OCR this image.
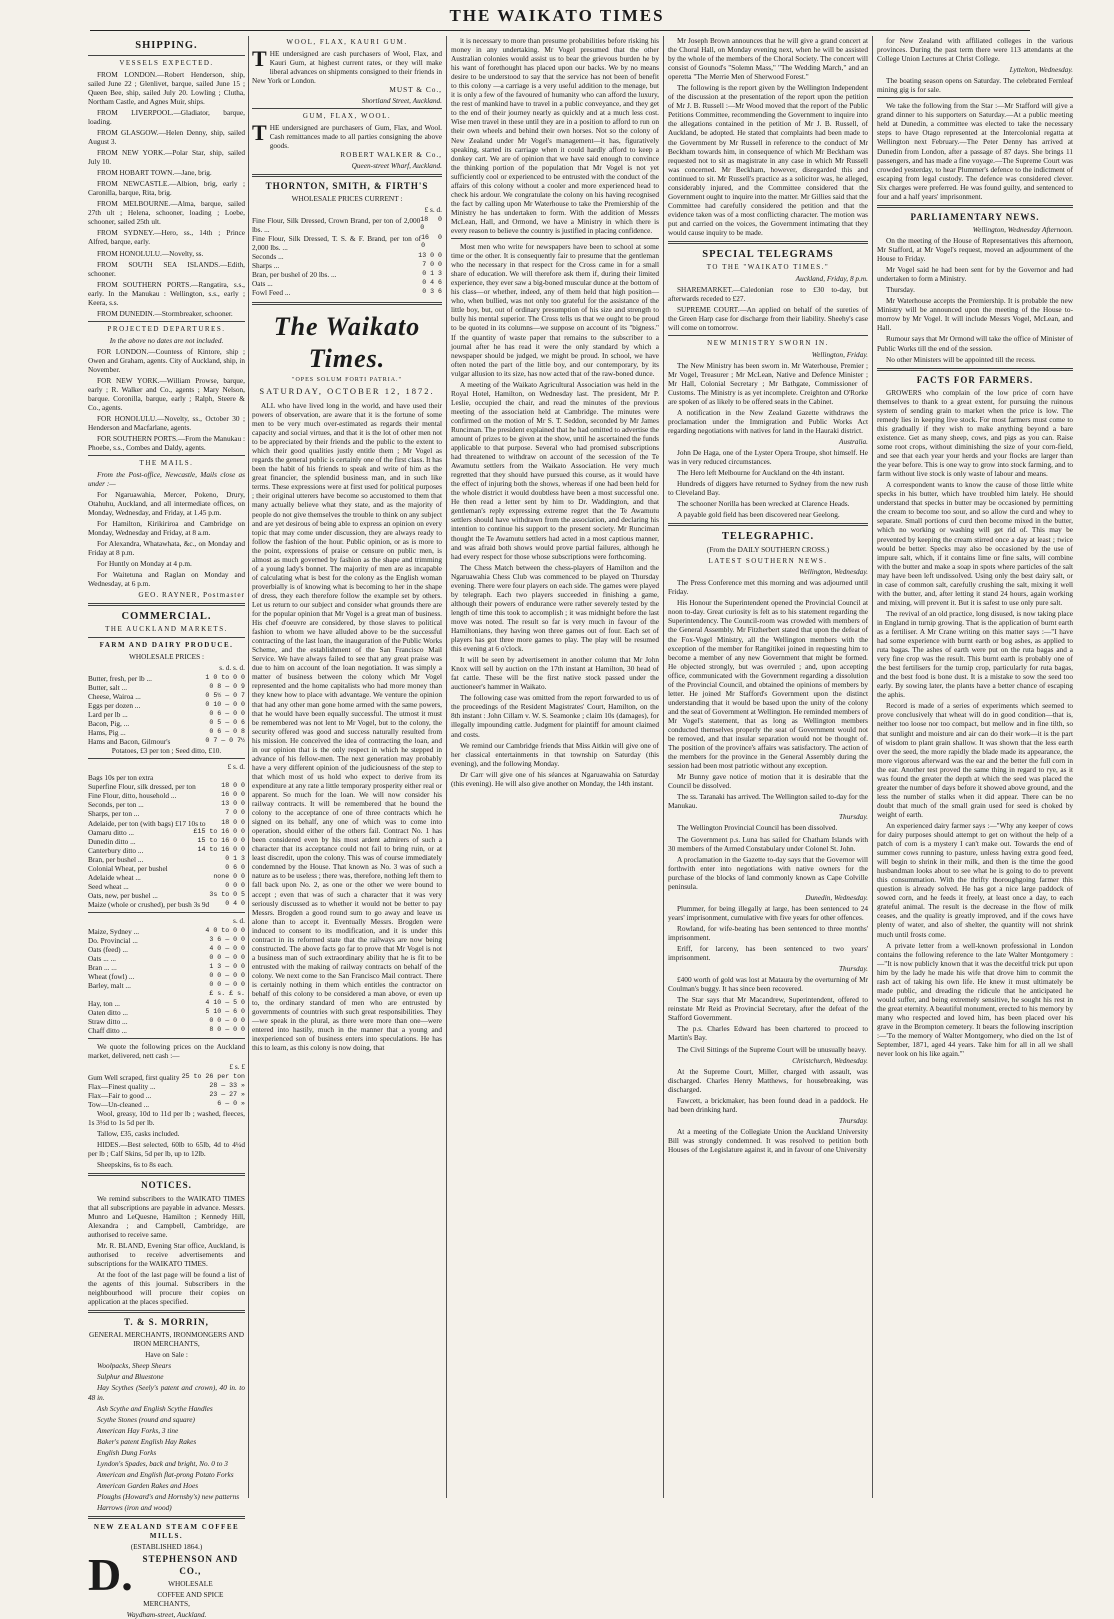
THE WAIKATO TIMES
SHIPPING.
VESSELS EXPECTED.

FROM LONDON.—Robert Henderson, ship, sailed June 22 ; Glenlivet, barque, sailed June 15 ; Queen Bee, ship, sailed July 20. Lowling ; Clutha, Northam Castle, and Agnes Muir, ships.

FROM LIVERPOOL.—Gladiator, barque, loading.

FROM GLASGOW.—Helen Denny, ship, sailed August 3.

FROM NEW YORK.—Polar Star, ship, sailed July 10.

FROM HOBART TOWN.—Jane, brig.

FROM NEWCASTLE.—Albion, brig, early ; Caronilla, barque, Rita, brig.

FROM MELBOURNE.—Alma, barque, sailed 27th ult ; Helena, schooner, loading ; Loebe, schooner, sailed 25th ult.

FROM SYDNEY.—Hero, ss., 14th ; Prince Alfred, barque, early.

FROM HONOLULU.—Novelty, ss.

FROM SOUTH SEA ISLANDS.—Edith, schooner.

FROM SOUTHERN PORTS.—Rangatira, s.s., early. In the Manukau : Wellington, s.s., early ; Keera, s.s.

FROM DUNEDIN.—Stormbreaker, schooner.

PROJECTED DEPARTURES.

In the above no dates are not included.

FOR LONDON.—Countess of Kintore, ship ; Owen and Graham, agents. City of Auckland, ship, in November.

FOR NEW YORK.—William Prowse, barque, early ; R. Walker and Co., agents ; Mary Nelson, barque. Coronilla, barque, early ; Ralph, Steere & Co., agents.

FOR HONOLULU.—Novelty, ss., October 30 ; Henderson and Macfarlane, agents.

FOR SOUTHERN PORTS.—From the Manukau : Phoebe, s.s., Combes and Daldy, agents.

THE MAILS.

From the Post-office, Newcastle, Mails close as under :—

For Ngaruawahia, Mercer, Pokeno, Drury, Otahuhu, Auckland, and all intermediate offices, on Monday, Wednesday, and Friday, at 1.45 p.m.

For Hamilton, Kirikiriroa and Cambridge on Monday, Wednesday and Friday, at 8 a.m.

For Alexandra, Whatawhata, &c., on Monday and Friday at 8 p.m.

For Huntly on Monday at 4 p.m.

For Waitetuna and Raglan on Monday and Wednesday, at 6 p.m.

GEO. RAYNER, Postmaster

COMMERCIAL.
THE AUCKLAND MARKETS.
FARM AND DAIRY PRODUCE.

WHOLESALE PRICES :

s. d. s. d.

Butter, fresh, per lb ...	1 0 to 0 0
Butter, salt ...	0 8 — 0 9
Cheese, Wairoa ...	0 5½ — 0 7
Eggs per dozen ...	0 10 — 0 0
Lard per lb ...	0 6 — 0 0
Bacon, Pig, ...	0 5 — 0 6
Hams, Pig ...	0 6 — 0 8
Hams and Bacon, Gilmour's	0 7 — 0 7½

Potatoes, £3 per ton ; Seed ditto, £10.

£ s. d.

Bags 10s per ton extra
Superfine Flour, silk dressed, per ton	18 0 0
Fine Flour, ditto, household ...	16 0 0
Seconds, per ton ...	13 0 0
Sharps, per ton ...	7 0 0
Adelaide, per ton (with bags) £17 10s to 18 0 0
Oamaru ditto ...	£15 to 16 0 0
Dunedin ditto ...	15 to 16 0 0
Canterbury ditto ...	14 to 16 0 0
Bran, per bushel ...	0 1 3
Colonial Wheat, per bushel	0 6 0
Adelaide wheat ...	none 0 0
Seed wheat ...	0 0 0
Oats, new, per bushel ...	3s to 0 5
Maize (whole or crushed), per bush 3s 9d 0 4 0

s. d.

Maize, Sydney ...	4 0 to 0 0
Do. Provincial ...	3 6 — 0 0
Oats (feed) ...	4 0 — 0 0
Oats ... ...	0 0 — 0 0
Bran ... ...	1 3 — 0 0
Wheat (fowl) ...	0 0 — 0 0
Barley, malt ...	0 0 — 0 0
£ s. £ s.
Hay, ton ...	4 10 — 5 0
Oaten ditto ...	5 10 — 6 0
Straw ditto ...	0 0 — 0 0
Chaff ditto ...	8 0 — 0 0

We quote the following prices on the Auckland market, delivered, nett cash :—

£ s. £

Gum Well scraped, first quality 25 to 26 per ton
Flax—Finest quality ...	28 — 33 »
Flax—Fair to good ...	23 — 27 »
Tow—Un-cleaned ...	6 — 0 »

Wool, greasy, 10d to 11d per lb ; washed, fleeces, 1s 3½d to 1s 5d per lb.

Tallow, £35, casks included.

HIDES.—Best selected, 60lb to 65lb, 4d to 4¼d per lb ; Calf Skins, 5d per lb, up to 12lb.

Sheepskins, 6s to 8s each.

NOTICES.

We remind subscribers to the WAIKATO TIMES that all subscriptions are payable in advance. Messrs. Munro and LeQuesne, Hamilton ; Kennedy Hill, Alexandra ; and Campbell, Cambridge, are authorised to receive same.

Mr. R. BLAND, Evening Star office, Auckland, is authorised to receive advertisements and subscriptions for the WAIKATO TIMES.

At the foot of the last page will be found a list of the agents of this journal. Subscribers in the neighbourhood will procure their copies on application at the places specified.

T. & S. MORRIN,

GENERAL MERCHANTS, IRONMONGERS AND IRON MERCHANTS,

Have on Sale :

Woolpacks, Sheep Shears

Sulphur and Bluestone

Hay Scythes (Seely's patent and crown), 40 in. to 48 in.

Ash Scythe and English Scythe Handles

Scythe Stones (round and square)

American Hay Forks, 3 tine

Baker's patent English Hay Rakes

English Dung Forks

Lyndon's Spades, back and bright, No. 0 to 3

American and English flat-prong Potato Forks

American Garden Rakes and Hoes

Ploughs (Howard's and Hornsby's) new patterns

Harrows (iron and wood)

NEW ZEALAND STEAM COFFEE MILLS.

(ESTABLISHED 1864.)

D.	STEPHENSON AND CO.,

WHOLESALE

COFFEE AND SPICE MERCHANTS,

Waydham-street, Auckland.

WOOL, FLAX, KAURI GUM.
T HE undersigned are cash purchasers of Wool, Flax, and Kauri Gum, at highest current rates, or they will make liberal advances on shipments consigned to their friends in New York or London.

MUST & Co.,

Shortland Street, Auckland.

GUM, FLAX, WOOL.
T HE undersigned are purchasers of Gum, Flax, and Wool. Cash remittances made to all parties consigning the above goods.

ROBERT WALKER & Co.,

Queen-street Wharf, Auckland.

THORNTON, SMITH, & FIRTH'S

WHOLESALE PRICES CURRENT :

£ s. d.

Fine Flour, Silk Dressed, Crown Brand, per ton of 2,000 lbs. ...
18 0 0
Fine Flour, Silk Dressed, T. S. & F. Brand, per ton of 2,000 lbs. ...
16 0 0
Seconds ...	13 0 0
Sharps ...	7 0 0
Bran, per bushel of 20 lbs. ...	0 1 3
Oats ...	0 4 6
Fowl Feed ...	0 3 6
The Waikato Times.
"OPES SOLUM FORTI PATRIA."
SATURDAY, OCTOBER 12, 1872.

ALL who have lived long in the world, and have used their powers of observation, are aware that it is the fortune of some men to be very much over-estimated as regards their mental capacity and social virtues, and that it is the lot of other men not to be appreciated by their friends and the public to the extent to which their good qualities justly entitle them ; Mr Vogel as regards the general public is certainly one of the first class. It has been the habit of his friends to speak and write of him as the great financier, the splendid business man, and in such like terms. These expressions were at first used for political purposes ; their original utterers have become so accustomed to them that many actually believe what they state, and as the majority of people do not give themselves the trouble to think on any subject and are yet desirous of being able to express an opinion on every topic that may come under discussion, they are always ready to follow the fashion of the hour. Public opinion, or as is more to the point, expressions of praise or censure on public men, is almost as much governed by fashion as the shape and trimming of a young lady's bonnet. The majority of men are as incapable of calculating what is best for the colony as the English woman proverbially is of knowing what is becoming to her in the shape of dress, they each therefore follow the example set by others. Let us return to our subject and consider what grounds there are for the popular opinion that Mr Vogel is a great man of business. His chef d'oeuvre are considered, by those slaves to political fashion to whom we have alluded above to be the successful contracting of the last loan, the inauguration of the Public Works Scheme, and the establishment of the San Francisco Mail Service. We have always failed to see that any great praise was due to him on account of the loan negotiation. It was simply a matter of business between the colony which Mr Vogel represented and the home capitalists who had more money than they knew how to place with advantage. We venture the opinion that had any other man gone home armed with the same powers, that he would have been equally successful. The utmost it must be remembered was not lent to Mr Vogel, but to the colony, the security offered was good and success naturally resulted from his mission. He conceived the idea of contracting the loan, and in our opinion that is the only respect in which he stepped in advance of his fellow-men. The next generation may probably have a very different opinion of the judiciousness of the step to that which most of us hold who expect to derive from its expenditure at any rate a little temporary prosperity either real or apparent. So much for the loan. We will now consider his railway contracts. It will be remembered that he bound the colony to the acceptance of one of three contracts which he signed on its behalf, any one of which was to come into operation, should either of the others fail. Contract No. 1 has been considered even by his most ardent admirers of such a character that its acceptance could not fail to bring ruin, or at least discredit, upon the colony. This was of course immediately condemned by the House. That known as No. 3 was of such a nature as to be useless ; there was, therefore, nothing left them to fall back upon No. 2, as one or the other we were bound to accept ; even that was of such a character that it was very seriously discussed as to whether it would not be better to pay Messrs. Brogden a good round sum to go away and leave us alone than to accept it. Eventually Messrs. Brogden were induced to consent to its modification, and it is under this contract in its reformed state that the railways are now being constructed. The above facts go far to prove that Mr Vogel is not a business man of such extraordinary ability that he is fit to be entrusted with the making of railway contracts on behalf of the colony. We next come to the San Francisco Mail contract. There is certainly nothing in them which entitles the contractor on behalf of this colony to be considered a man above, or even up to, the ordinary standard of men who are entrusted by governments of countries with such great responsibilities. They—we speak in the plural, as there were more than one—were entered into hastily, much in the manner that a young and inexperienced son of business enters into speculations. He has this to learn, as this colony is now doing, that

it is necessary to more than presume probabilities before risking his money in any undertaking. Mr Vogel presumed that the other Australian colonies would assist us to bear the grievous burden he by his want of forethought has placed upon our backs. We by no means desire to be understood to say that the service has not been of benefit to this colony —a carriage is a very useful addition to the menage, but it is only a few of the favoured of humanity who can afford the luxury, the rest of mankind have to travel in a public conveyance, and they get to the end of their journey nearly as quickly and at a much less cost. Wise men travel in these until they are in a position to afford to run on their own wheels and behind their own horses. Not so the colony of New Zealand under Mr Vogel's management—it has, figuratively speaking, started its carriage when it could hardly afford to keep a donkey cart. We are of opinion that we have said enough to convince the thinking portion of the population that Mr Vogel is not yet sufficiently cool or experienced to be entrusted with the conduct of the affairs of this colony without a cooler and more experienced head to check his ardour. We congratulate the colony on his having recognised the fact by calling upon Mr Waterhouse to take the Premiership of the Ministry he has undertaken to form. With the addition of Messrs McLean, Hall, and Ormond, we have a Ministry in which there is every reason to believe the country is justified in placing confidence.

Most men who write for newspapers have been to school at some time or the other. It is consequently fair to presume that the gentleman who the necessary in that respect for the Cross came in for a small share of education. We will therefore ask them if, during their limited experience, they ever saw a big-boned muscular dunce at the bottom of his class—or whether, indeed, any of them held that high position—who, when bullied, was not only too grateful for the assistance of the little boy, but, out of ordinary presumption of his size and strength to bully his mental superior. The Cross tells us that we ought to be proud to be quoted in its columns—we suppose on account of its "bigness." If the quantity of waste paper that remains to the subscriber to a journal after he has read it were the only standard by which a newspaper should be judged, we might be proud. In school, we have often noted the part of the little boy, and our contemporary, by its vulgar allusion to its size, has now acted that of the raw-boned dunce.

A meeting of the Waikato Agricultural Association was held in the Royal Hotel, Hamilton, on Wednesday last. The president, Mr P. Leslie, occupied the chair, and read the minutes of the previous meeting of the association held at Cambridge. The minutes were confirmed on the motion of Mr S. T. Seddon, seconded by Mr James Runciman. The president explained that he had omitted to advertise the amount of prizes to be given at the show, until he ascertained the funds applicable to that purpose. Several who had promised subscriptions had threatened to withdraw on account of the secession of the Te Awamutu settlers from the Waikato Association. He very much regretted that they should have pursued this course, as it would have the effect of injuring both the shows, whereas if one had been held for the whole district it would doubtless have been a most successful one. He then read a letter sent by him to Dr. Waddington, and that gentleman's reply expressing extreme regret that the Te Awamutu settlers should have withdrawn from the association, and declaring his intention to continue his support to the present society. Mr Runciman thought the Te Awamutu settlers had acted in a most captious manner, and was afraid both shows would prove partial failures, although he had every respect for those whose subscriptions were forthcoming.

The Chess Match between the chess-players of Hamilton and the Ngaruawahia Chess Club was commenced to be played on Thursday evening. There were four players on each side. The games were played by telegraph. Each two players succeeded in finishing a game, although their powers of endurance were rather severely tested by the length of time this took to accomplish ; it was midnight before the last move was noted. The result so far is very much in favour of the Hamiltonians, they having won three games out of four. Each set of players has got three more games to play. The play will be resumed this evening at 6 o'clock.

It will be seen by advertisement in another column that Mr John Knox will sell by auction on the 17th instant at Hamilton, 30 head of fat cattle. These will be the first native stock passed under the auctioneer's hammer in Waikato.

The following case was omitted from the report forwarded to us of the proceedings of the Resident Magistrates' Court, Hamilton, on the 8th instant : John Cillam v. W. S. Seamonke ; claim 10s (damages), for illegally impounding cattle. Judgment for plaintiff for amount claimed and costs.

We remind our Cambridge friends that Miss Aitkin will give one of her classical entertainments in that township on Saturday (this evening), and the following Monday.

Dr Carr will give one of his séances at Ngaruawahia on Saturday (this evening). He will also give another on Monday, the 14th instant.

Mr Joseph Brown announces that he will give a grand concert at the Choral Hall, on Monday evening next, when he will be assisted by the whole of the members of the Choral Society. The concert will consist of Gounod's "Solemn Mass," "The Wedding March," and an operetta "The Merrie Men of Sherwood Forest."

The following is the report given by the Wellington Independent of the discussion at the presentation of the report upon the petition of Mr J. B. Russell :—Mr Wood moved that the report of the Public Petitions Committee, recommending the Government to inquire into the allegations contained in the petition of Mr J. B. Russell, of Auckland, be adopted. He stated that complaints had been made to the Government by Mr Russell in reference to the conduct of Mr Beckham towards him, in consequence of which Mr Beckham was requested not to sit as magistrate in any case in which Mr Russell was concerned. Mr Beckham, however, disregarded this and continued to sit. Mr Russell's practice as a solicitor was, he alleged, considerably injured, and the Committee considered that the Government ought to inquire into the matter. Mr Gillies said that the Committee had carefully considered the petition and that the evidence taken was of a most conflicting character. The motion was put and carried on the voices, the Government intimating that they would cause inquiry to be made.

SPECIAL TELEGRAMS
TO THE "WAIKATO TIMES."

Auckland, Friday, 8 p.m.

SHAREMARKET.—Caledonian rose to £30 to-day, but afterwards receded to £27.

SUPREME COURT.—An applied on behalf of the sureties of the Green Harp case for discharge from their liability. Sheehy's case will come on tomorrow.

NEW MINISTRY SWORN IN.

Wellington, Friday.

The New Ministry has been sworn in. Mr Waterhouse, Premier ; Mr Vogel, Treasurer ; Mr McLean, Native and Defence Minister ; Mr Hall, Colonial Secretary ; Mr Bathgate, Commissioner of Customs. The Ministry is as yet incomplete. Creighton and O'Rorke are spoken of as likely to be offered seats in the Cabinet.

A notification in the New Zealand Gazette withdraws the proclamation under the Immigration and Public Works Act regarding negotiations with natives for land in the Hauraki district.

Australia.

John De Haga, one of the Lyster Opera Troupe, shot himself. He was in very reduced circumstances.

The Hero left Melbourne for Auckland on the 4th instant.

Hundreds of diggers have returned to Sydney from the new rush to Cleveland Bay.

The schooner Norilla has been wrecked at Clarence Heads.

A payable gold field has been discovered near Geelong.

TELEGRAPHIC.

(From the DAILY SOUTHERN CROSS.)

LATEST SOUTHERN NEWS.

Wellington, Wednesday.

The Press Conference met this morning and was adjourned until Friday.

His Honour the Superintendent opened the Provincial Council at noon to-day. Great curiosity is felt as to his statement regarding the Superintendency. The Council-room was crowded with members of the General Assembly. Mr Fitzherbert stated that upon the defeat of the Fox-Vogel Ministry, all the Wellington members with the exception of the member for Rangitikei joined in requesting him to become a member of any new Government that might be formed. He objected strongly, but was overruled ; and, upon accepting office, communicated with the Government regarding a dissolution of the Provincial Council, and obtained the opinions of members by letter. He joined Mr Stafford's Government upon the distinct understanding that it would be based upon the unity of the colony and the seat of Government at Wellington. He reminded members of Mr Vogel's statement, that as long as Wellington members conducted themselves properly the seat of Government would not be removed, and that insular separation would not be thought of. The position of the province's affairs was satisfactory. The action of the members for the province in the General Assembly during the session had been most patriotic without any exception.

Mr Bunny gave notice of motion that it is desirable that the Council be dissolved.

The ss. Taranaki has arrived. The Wellington sailed to-day for the Manukau.

Thursday.

The Wellington Provincial Council has been dissolved.

The Government p.s. Luna has sailed for Chatham Islands with 30 members of the Armed Constabulary under Colonel St. John.

A proclamation in the Gazette to-day says that the Governor will forthwith enter into negotiations with native owners for the purchase of the blocks of land commonly known as Cape Colville peninsula.

Dunedin, Wednesday.

Plummer, for being illegally at large, has been sentenced to 24 years' imprisonment, cumulative with five years for other offences.

Rowland, for wife-beating has been sentenced to three months' imprisonment.

Eriff, for larceny, has been sentenced to two years' imprisonment.

Thursday.

£400 worth of gold was lost at Mataura by the overturning of Mr Coulman's buggy. It has since been recovered.

The Star says that Mr Macandrew, Superintendent, offered to reinstate Mr Reid as Provincial Secretary, after the defeat of the Stafford Government.

The p.s. Charles Edward has been chartered to proceed to Martin's Bay.

The Civil Sittings of the Supreme Court will be unusually heavy.

Christchurch, Wednesday.

At the Supreme Court, Miller, charged with assault, was discharged. Charles Henry Matthews, for housebreaking, was discharged.

Fawcett, a brickmaker, has been found dead in a paddock. He had been drinking hard.

Thursday.

At a meeting of the Collegiate Union the Auckland University Bill was strongly condemned. It was resolved to petition both Houses of the Legislature against it, and in favour of one University

for New Zealand with affiliated colleges in the various provinces. During the past term there were 113 attendants at the College Union Lectures at Christ College.

Lyttelton, Wednesday.

The boating season opens on Saturday. The celebrated Fernleaf mining gig is for sale.

We take the following from the Star :—Mr Stafford will give a grand dinner to his supporters on Saturday.—At a public meeting held at Dunedin, a committee was elected to take the necessary steps to have Otago represented at the Intercolonial regatta at Wellington next February.—The Peter Denny has arrived at Dunedin from London, after a passage of 87 days. She brings 11 passengers, and has made a fine voyage.—The Supreme Court was crowded yesterday, to hear Plummer's defence to the indictment of escaping from legal custody. The defence was considered clever. Six charges were preferred. He was found guilty, and sentenced to four and a half years' imprisonment.

PARLIAMENTARY NEWS.

Wellington, Wednesday Afternoon.

On the meeting of the House of Representatives this afternoon, Mr Stafford, at Mr Vogel's request, moved an adjournment of the House to Friday.

Mr Vogel said he had been sent for by the Governor and had undertaken to form a Ministry.

Thursday.

Mr Waterhouse accepts the Premiership. It is probable the new Ministry will be announced upon the meeting of the House to-morrow by Mr Vogel. It will include Messrs Vogel, McLean, and Hall.

Rumour says that Mr Ormond will take the office of Minister of Public Works till the end of the session.

No other Ministers will be appointed till the recess.

FACTS FOR FARMERS.

GROWERS who complain of the low price of corn have themselves to thank to a great extent, for pursuing the ruinous system of sending grain to market when the price is low. The remedy lies in keeping live stock. For most farmers must come to this gradually if they wish to make anything beyond a bare existence. Get as many sheep, cows, and pigs as you can. Raise some root crops, without diminishing the size of your corn-field, and see that each year your herds and your flocks are larger than the year before. This is one way to grow into stock farming, and to farm without live stock is only waste of labour and means.

A correspondent wants to know the cause of those little white specks in his butter, which have troubled him lately. He should understand that specks in butter may be occasioned by permitting the cream to become too sour, and so allow the curd and whey to separate. Small portions of curd then become mixed in the butter, which no working or washing will get rid of. This may be prevented by keeping the cream stirred once a day at least ; twice would be better. Specks may also be occasioned by the use of impure salt, which, if it contains lime or fine salts, will combine with the butter and make a soap in spots where particles of the salt may have been left undissolved. Using only the best dairy salt, or in case of common salt, carefully crushing the salt, mixing it well with the butter, and, after letting it stand 24 hours, again working and mixing, will prevent it. But it is safest to use only pure salt.

The revival of an old practice, long disused, is now taking place in England in turnip growing. That is the application of burnt earth as a fertiliser. A Mr Crane writing on this matter says :—"I have had some experience with burnt earth or bog ashes, as applied to ruta bagas. The ashes of earth were put on the ruta bagas and a very fine crop was the result. This burnt earth is probably one of the best fertilisers for the turnip crop, particularly for ruta bagas, and the best food is bone dust. It is a mistake to sow the seed too early. By sowing later, the plants have a better chance of escaping the aphis.

Record is made of a series of experiments which seemed to prove conclusively that wheat will do in good condition—that is, neither too loose nor too compact, but mellow and in fine tilth, so that sunlight and moisture and air can do their work—it is the part of wisdom to plant grain shallow. It was shown that the less earth over the seed, the more rapidly the blade made its appearance, the more vigorous afterward was the ear and the better the full corn in the ear. Another test proved the same thing in regard to rye, as it was found the greater the depth at which the seed was placed the greater the number of days before it showed above ground, and the less the number of stalks when it did appear. There can be no doubt that much of the small grain used for seed is choked by weight of earth.

An experienced dairy farmer says :—"Why any keeper of cows for dairy purposes should attempt to get on without the help of a patch of corn is a mystery I can't make out. Towards the end of summer cows running to pasture, unless having extra good feed, will begin to shrink in their milk, and then is the time the good husbandman looks about to see what he is going to do to prevent this consummation. With the thrifty thoroughgoing farmer this question is already solved. He has got a nice large paddock of sowed corn, and he feeds it freely, at least once a day, to each grateful animal. The result is the decrease in the flow of milk ceases, and the quality is greatly improved, and if the cows have plenty of water, and also of shelter, the quantity will not shrink much until frosts come.

A private letter from a well-known professional in London contains the following reference to the late Walter Montgomery :—"It is now publicly known that it was the deceitful trick put upon him by the lady he made his wife that drove him to commit the rash act of taking his own life. He knew it must ultimately be made public, and dreading the ridicule that he anticipated he would suffer, and being extremely sensitive, he sought his rest in the great eternity. A beautiful monument, erected to his memory by many who respected and loved him, has been placed over his grave in the Brompton cemetery. It bears the following inscription :—'To the memory of Walter Montgomery, who died on the 1st of September, 1871, aged 44 years. Take him for all in all we shall never look on his like again.'"
